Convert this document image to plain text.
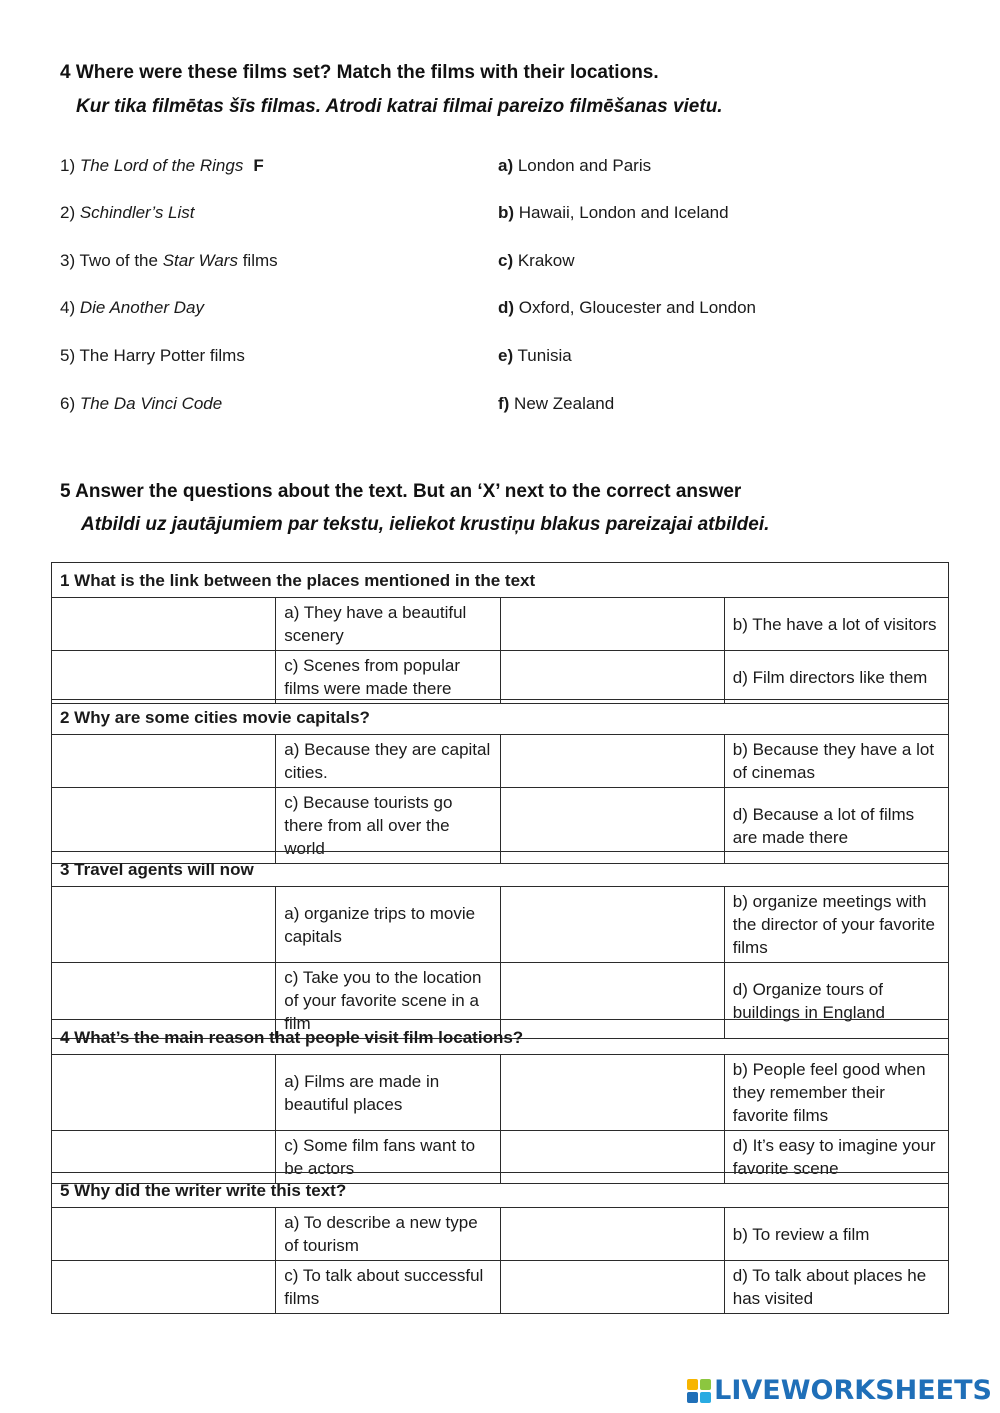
4 Where were these films set? Match the films with their locations.
Kur tika filmētas šīs filmas. Atrodi katrai filmai pareizo filmēšanas vietu.
1) The Lord of the Rings F	a) London and Paris
2) Schindler’s List	b) Hawaii, London and Iceland
3) Two of the Star Wars films	c) Krakow
4) Die Another Day	d) Oxford, Gloucester and London
5) The Harry Potter films	e) Tunisia
6) The Da Vinci Code	f) New Zealand
5 Answer the questions about the text. But an ‘X’ next to the correct answer
Atbildi uz jautājumiem par tekstu, ieliekot krustiņu blakus pareizajai atbildei.
1 What is the link between the places mentioned in the text			
	a) They have a beautiful scenery		b) The have a lot of visitors
	c) Scenes from popular films were made there		d) Film directors like them
2 Why are some cities movie capitals?			
	a) Because they are capital cities.		b) Because they have a lot of cinemas
	c) Because tourists go there from all over the world		d) Because a lot of films are made there
3 Travel agents will now			
	a) organize trips to movie capitals		b) organize meetings with the director of your favorite films
	c) Take you to the location of your favorite scene in a film		d) Organize tours of buildings in England
4 What’s the main reason that people visit film locations?			
	a) Films are made in beautiful places		b) People feel good when they remember their favorite films
	c) Some film fans want to be actors		d) It’s easy to imagine your favorite scene
5 Why did the writer write this text?			
	a) To describe a new type of tourism		b) To review a film
	c) To talk about successful films		d) To talk about places he has visited
LIVEWORKSHEETS
